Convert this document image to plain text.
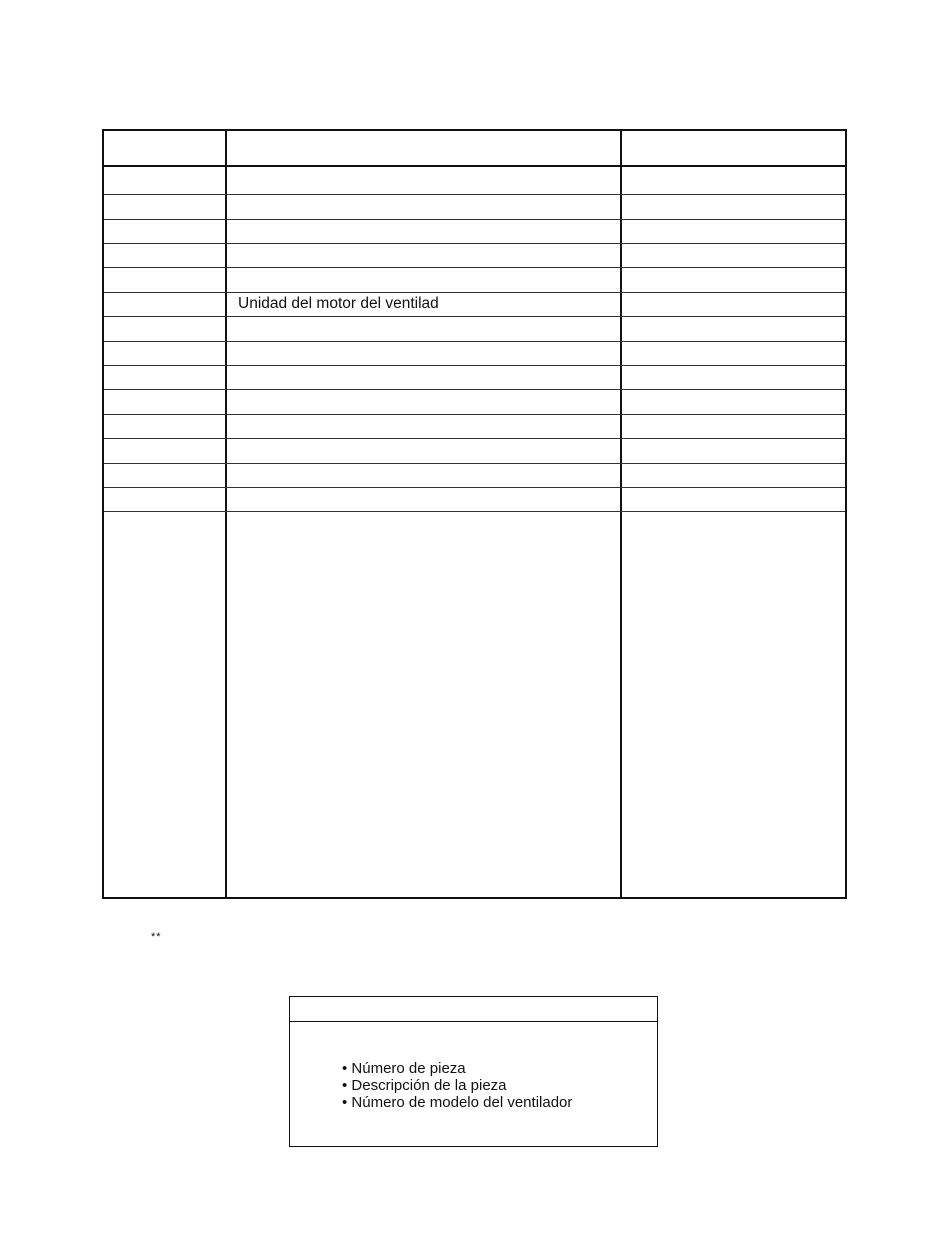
Unidad del motor del ventilad
**
• Número de pieza
• Descripción de la pieza
• Número de modelo del ventilador
